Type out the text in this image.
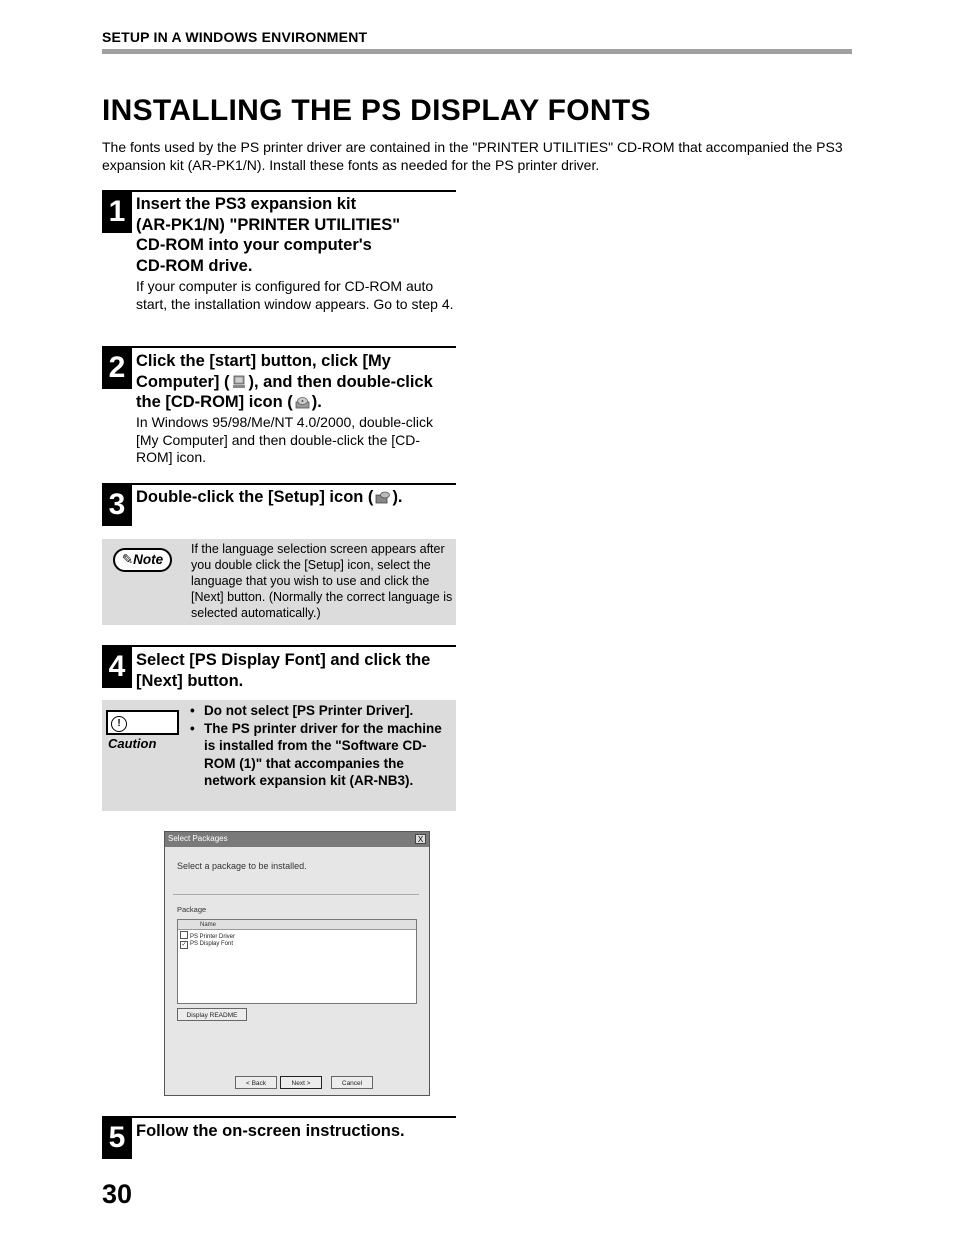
SETUP IN A WINDOWS ENVIRONMENT
INSTALLING THE PS DISPLAY FONTS
The fonts used by the PS printer driver are contained in the "PRINTER UTILITIES" CD-ROM that accompanied the PS3 expansion kit (AR-PK1/N). Install these fonts as needed for the PS printer driver.
1 Insert the PS3 expansion kit
(AR-PK1/N) "PRINTER UTILITIES"
CD-ROM into your computer's
CD-ROM drive.
If your computer is configured for CD-ROM auto start, the installation window appears. Go to step 4.
2 Click the [start] button, click [My
Computer] ( ), and then double-click
the [CD-ROM] icon ( ).
In Windows 95/98/Me/NT 4.0/2000, double-click [My Computer] and then double-click the [CD-ROM] icon.
3 Double-click the [Setup] icon ( ).
✎Note
If the language selection screen appears after you double click the [Setup] icon, select the language that you wish to use and click the [Next] button. (Normally the correct language is selected automatically.)
4 Select [PS Display Font] and click the
[Next] button.
!Caution
• Do not select [PS Printer Driver].
• The PS printer driver for the machine is installed from the "Software CD-ROM (1)" that accompanies the network expansion kit (AR-NB3).
Select Packages	X
Select a package to be installed.
Package
Name
PS Printer Driver
✓ PS Display Font
Display README
< Back	Next >	Cancel
5 Follow the on-screen instructions.
30
